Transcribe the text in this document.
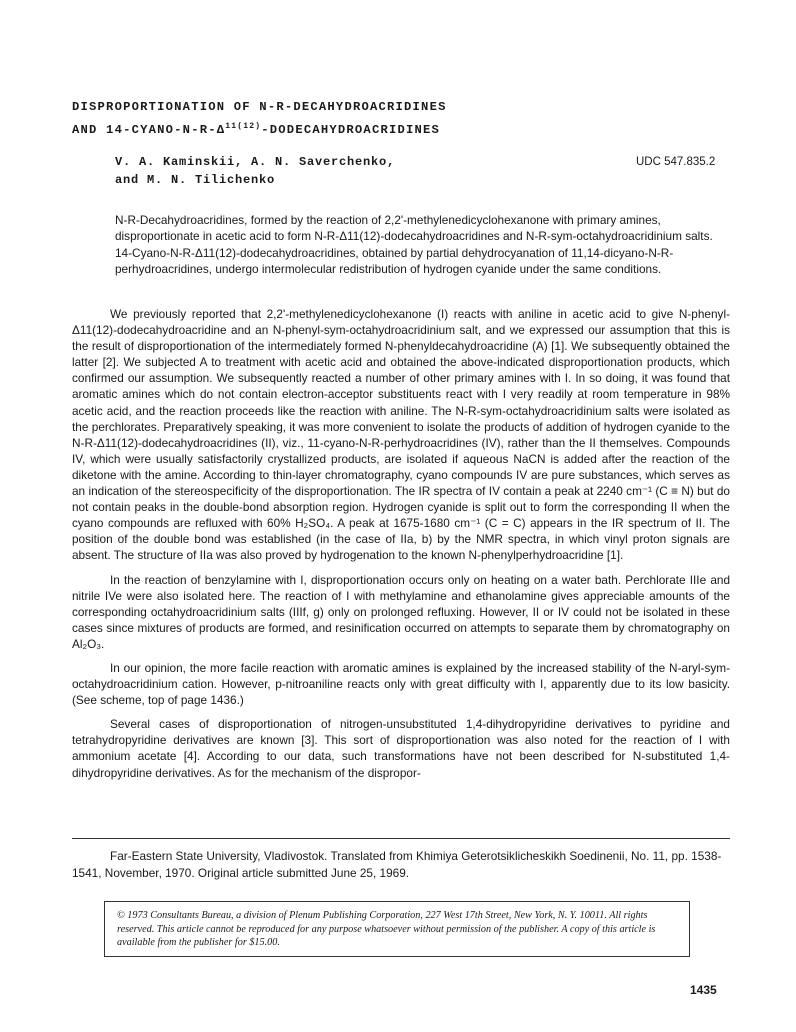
DISPROPORTIONATION OF N-R-DECAHYDROACRIDINES
AND $14-CYANO-N-R-\Delta^{11(12)}$-DODECAHYDROACRIDINES
V. A. Kaminskii, A. N. Saverchenko,
and M. N. Tilichenko
UDC 547.835.2

N-R-Decahydroacridines, formed by the reaction of 2,2'-methylenedicyclohexanone with primary amines, disproportionate in acetic acid to form N-R-Δ11(12)-dodecahydroacridines and N-R-sym-octahydroacridinium salts. 14-Cyano-N-R-Δ11(12)-dodecahydroacridines, obtained by partial dehydrocyanation of 11,14-dicyano-N-R-perhydroacridines, undergo intermolecular redistribution of hydrogen cyanide under the same conditions.

We previously reported that 2,2'-methylenedicyclohexanone (I) reacts with aniline in acetic acid to give N-phenyl-Δ11(12)-dodecahydroacridine and an N-phenyl-sym-octahydroacridinium salt, and we expressed our assumption that this is the result of disproportionation of the intermediately formed N-phenyldecahydroacridine (A) [1]. We subsequently obtained the latter [2]. We subjected A to treatment with acetic acid and obtained the above-indicated disproportionation products, which confirmed our assumption. We subsequently reacted a number of other primary amines with I. In so doing, it was found that aromatic amines which do not contain electron-acceptor substituents react with I very readily at room temperature in 98% acetic acid, and the reaction proceeds like the reaction with aniline. The N-R-sym-octahydroacridinium salts were isolated as the perchlorates. Preparatively speaking, it was more convenient to isolate the products of addition of hydrogen cyanide to the N-R-Δ11(12)-dodecahydroacridines (II), viz., 11-cyano-N-R-perhydroacridines (IV), rather than the II themselves. Compounds IV, which were usually satisfactorily crystallized products, are isolated if aqueous NaCN is added after the reaction of the diketone with the amine. According to thin-layer chromatography, cyano compounds IV are pure substances, which serves as an indication of the stereospecificity of the disproportionation. The IR spectra of IV contain a peak at 2240 cm⁻¹ (C ≡ N) but do not contain peaks in the double-bond absorption region. Hydrogen cyanide is split out to form the corresponding II when the cyano compounds are refluxed with 60% H₂SO₄. A peak at 1675-1680 cm⁻¹ (C = C) appears in the IR spectrum of II. The position of the double bond was established (in the case of IIa, b) by the NMR spectra, in which vinyl proton signals are absent. The structure of IIa was also proved by hydrogenation to the known N-phenylperhydroacridine [1].

In the reaction of benzylamine with I, disproportionation occurs only on heating on a water bath. Perchlorate IIIe and nitrile IVe were also isolated here. The reaction of I with methylamine and ethanolamine gives appreciable amounts of the corresponding octahydroacridinium salts (IIIf, g) only on prolonged refluxing. However, II or IV could not be isolated in these cases since mixtures of products are formed, and resinification occurred on attempts to separate them by chromatography on Al₂O₃.

In our opinion, the more facile reaction with aromatic amines is explained by the increased stability of the N-aryl-sym-octahydroacridinium cation. However, p-nitroaniline reacts only with great difficulty with I, apparently due to its low basicity. (See scheme, top of page 1436.)

Several cases of disproportionation of nitrogen-unsubstituted 1,4-dihydropyridine derivatives to pyridine and tetrahydropyridine derivatives are known [3]. This sort of disproportionation was also noted for the reaction of I with ammonium acetate [4]. According to our data, such transformations have not been described for N-substituted 1,4-dihydropyridine derivatives. As for the mechanism of the dispropor-

Far-Eastern State University, Vladivostok. Translated from Khimiya Geterotsiklicheskikh Soedinenii, No. 11, pp. 1538-1541, November, 1970. Original article submitted June 25, 1969.

© 1973 Consultants Bureau, a division of Plenum Publishing Corporation, 227 West 17th Street, New York, N. Y. 10011. All rights reserved. This article cannot be reproduced for any purpose whatsoever without permission of the publisher. A copy of this article is available from the publisher for $15.00.
1435
